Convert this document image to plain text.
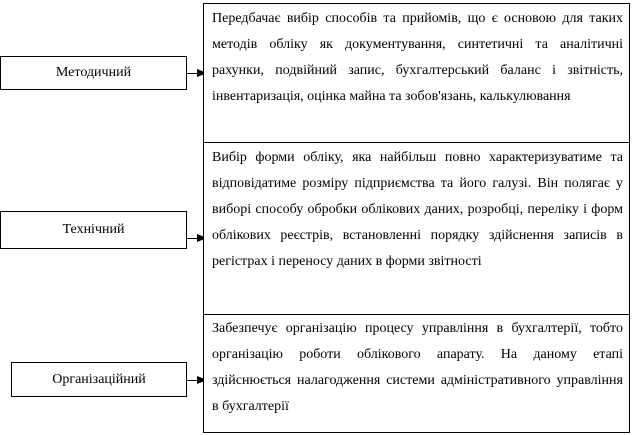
Методичний
Технічний
Організаційний
Передбачає вибір способів та прийомів, що є основою для таких методів обліку як документування, синтетичні та аналітичні рахунки, подвійний запис, бухгалтерський баланс і звітність, інвентаризація, оцінка майна та зобов'язань, калькулювання
Вибір форми обліку, яка найбільш повно характеризуватиме та відповідатиме розміру підприємства та його галузі. Він полягає у виборі способу обробки облікових даних, розробці, переліку і форм облікових реєстрів, встановленні порядку здійснення записів в регістрах і переносу даних в форми звітності
Забезпечує організацію процесу управління в бухгалтерії, тобто організацію роботи облікового апарату. На даному етапі здійснюється налагодження системи адміністративного управління в бухгалтерії
